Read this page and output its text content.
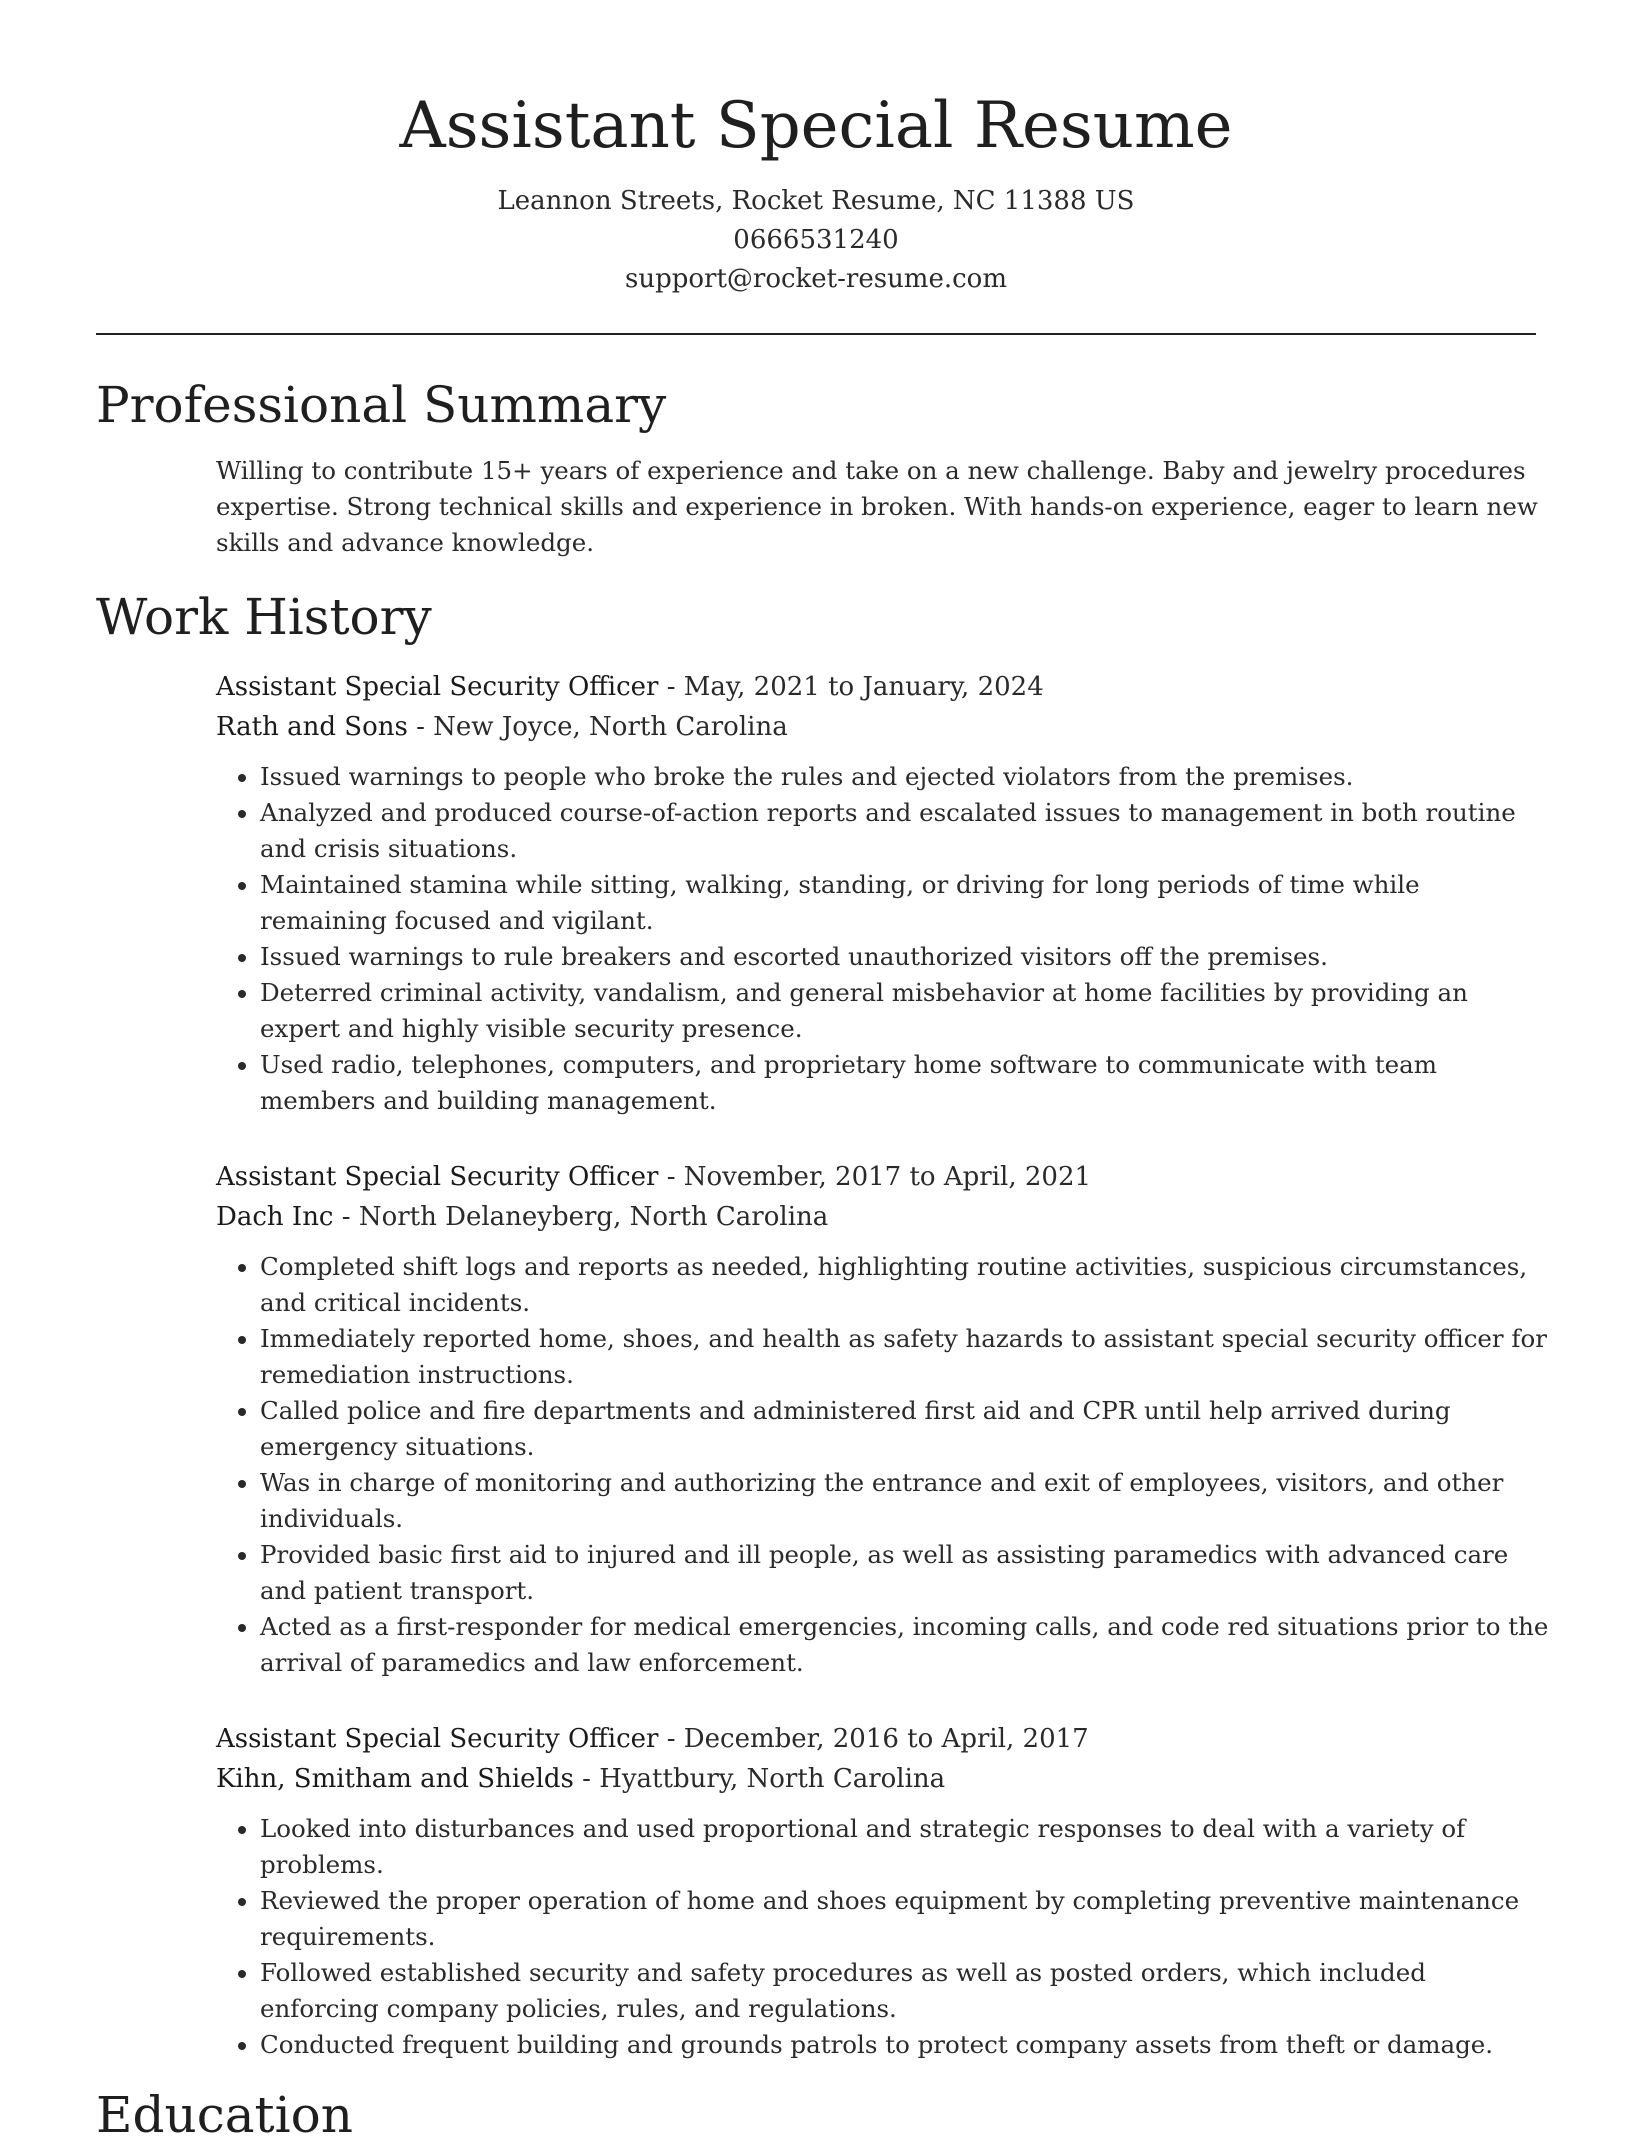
Assistant Special Resume
Leannon Streets, Rocket Resume, NC 11388 US
0666531240
support@rocket-resume.com
Professional Summary

Willing to contribute 15+ years of experience and take on a new challenge. Baby and jewelry procedures expertise. Strong technical skills and experience in broken. With hands-on experience, eager to learn new skills and advance knowledge.

Work History
Assistant Special Security Officer - May, 2021 to January, 2024
Rath and Sons - New Joyce, North Carolina
• Issued warnings to people who broke the rules and ejected violators from the premises.
• Analyzed and produced course-of-action reports and escalated issues to management in both routine and crisis situations.
• Maintained stamina while sitting, walking, standing, or driving for long periods of time while remaining focused and vigilant.
• Issued warnings to rule breakers and escorted unauthorized visitors off the premises.
• Deterred criminal activity, vandalism, and general misbehavior at home facilities by providing an expert and highly visible security presence.
• Used radio, telephones, computers, and proprietary home software to communicate with team members and building management.
Assistant Special Security Officer - November, 2017 to April, 2021
Dach Inc - North Delaneyberg, North Carolina
• Completed shift logs and reports as needed, highlighting routine activities, suspicious circumstances, and critical incidents.
• Immediately reported home, shoes, and health as safety hazards to assistant special security officer for remediation instructions.
• Called police and fire departments and administered first aid and CPR until help arrived during emergency situations.
• Was in charge of monitoring and authorizing the entrance and exit of employees, visitors, and other individuals.
• Provided basic first aid to injured and ill people, as well as assisting paramedics with advanced care and patient transport.
• Acted as a first-responder for medical emergencies, incoming calls, and code red situations prior to the arrival of paramedics and law enforcement.
Assistant Special Security Officer - December, 2016 to April, 2017
Kihn, Smitham and Shields - Hyattbury, North Carolina
• Looked into disturbances and used proportional and strategic responses to deal with a variety of problems.
• Reviewed the proper operation of home and shoes equipment by completing preventive maintenance requirements.
• Followed established security and safety procedures as well as posted orders, which included enforcing company policies, rules, and regulations.
• Conducted frequent building and grounds patrols to protect company assets from theft or damage.
Education
